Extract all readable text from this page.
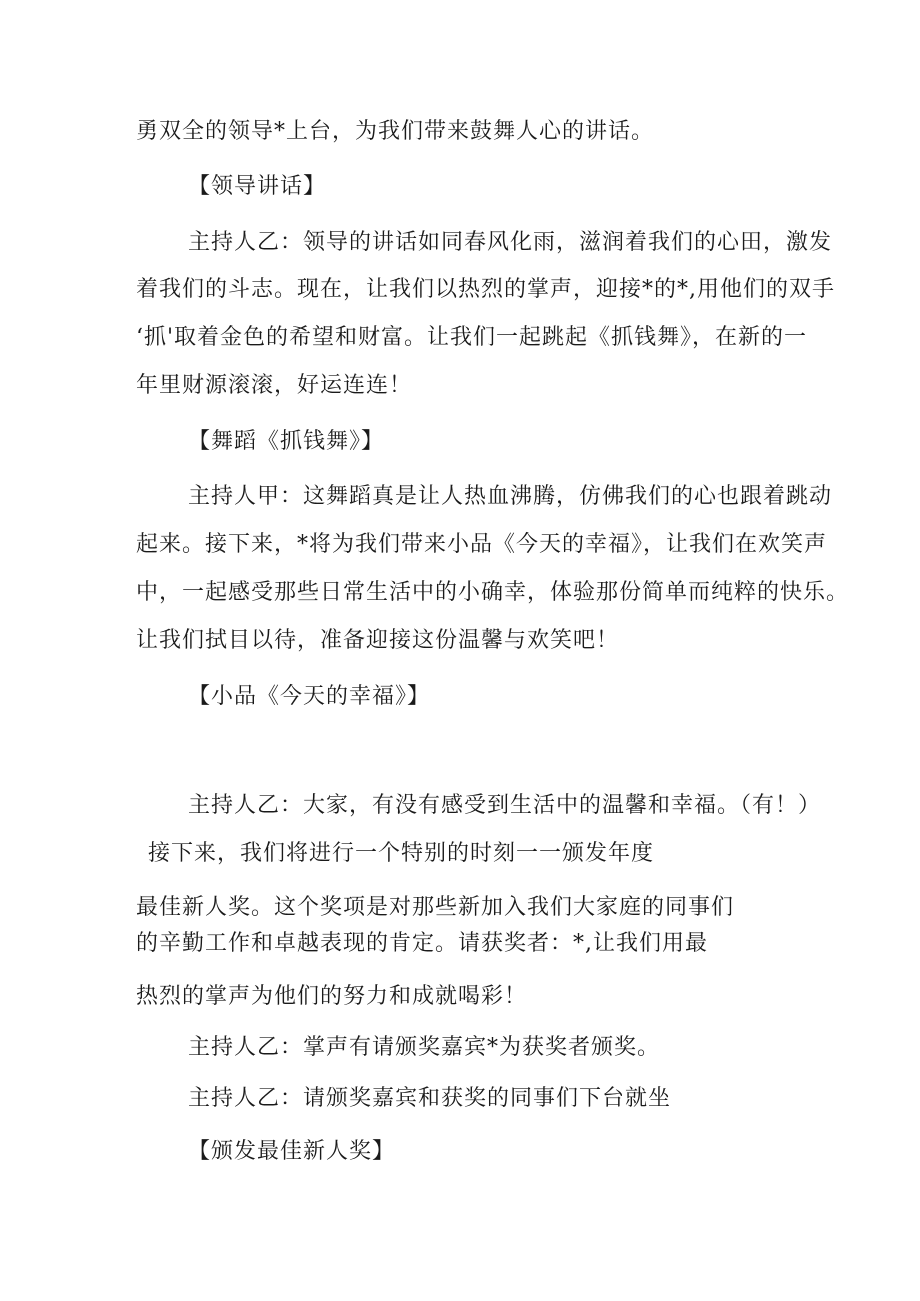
勇双全的领导*上台，为我们带来鼓舞人心的讲话。
【领导讲话】
主持人乙：领导的讲话如同春风化雨，滋润着我们的心田，激发
着我们的斗志。现在，让我们以热烈的掌声，迎接*的*,用他们的双手
‘抓'取着金色的希望和财富。让我们一起跳起《抓钱舞》，在新的一
年里财源滚滚，好运连连！
【舞蹈《抓钱舞》】
主持人甲：这舞蹈真是让人热血沸腾，仿佛我们的心也跟着跳动
起来。接下来，*将为我们带来小品《今天的幸福》，让我们在欢笑声
中，一起感受那些日常生活中的小确幸，体验那份简单而纯粹的快乐。
让我们拭目以待，准备迎接这份温馨与欢笑吧！
【小品《今天的幸福》】
主持人乙：大家，有没有感受到生活中的温馨和幸福。（有！）
接下来，我们将进行一个特别的时刻一一颁发年度
最佳新人奖。这个奖项是对那些新加入我们大家庭的同事们
的辛勤工作和卓越表现的肯定。请获奖者：*,让我们用最
热烈的掌声为他们的努力和成就喝彩！
主持人乙：掌声有请颁奖嘉宾*为获奖者颁奖。
主持人乙：请颁奖嘉宾和获奖的同事们下台就坐
【颁发最佳新人奖】
